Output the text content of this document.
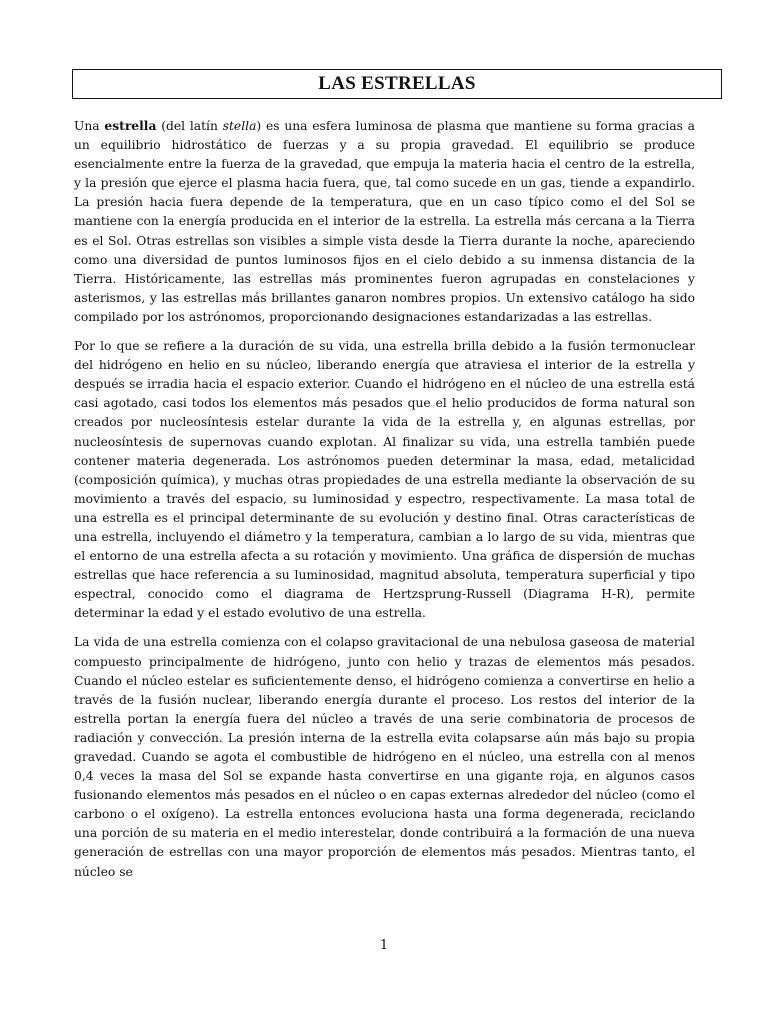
LAS ESTRELLAS

Una estrella (del latín stella) es una esfera luminosa de plasma que mantiene su forma gracias a un equilibrio hidrostático de fuerzas y a su propia gravedad. El equilibrio se produce esencialmente entre la fuerza de la gravedad, que empuja la materia hacia el centro de la estrella, y la presión que ejerce el plasma hacia fuera, que, tal como sucede en un gas, tiende a expandirlo. La presión hacia fuera depende de la temperatura, que en un caso típico como el del Sol se mantiene con la energía producida en el interior de la estrella. La estrella más cercana a la Tierra es el Sol. Otras estrellas son visibles a simple vista desde la Tierra durante la noche, apareciendo como una diversidad de puntos luminosos fijos en el cielo debido a su inmensa distancia de la Tierra. Históricamente, las estrellas más prominentes fueron agrupadas en constelaciones y asterismos, y las estrellas más brillantes ganaron nombres propios. Un extensivo catálogo ha sido compilado por los astrónomos, proporcionando designaciones estandarizadas a las estrellas.

Por lo que se refiere a la duración de su vida, una estrella brilla debido a la fusión termonuclear del hidrógeno en helio en su núcleo, liberando energía que atraviesa el interior de la estrella y después se irradia hacia el espacio exterior. Cuando el hidrógeno en el núcleo de una estrella está casi agotado, casi todos los elementos más pesados que el helio producidos de forma natural son creados por nucleosíntesis estelar durante la vida de la estrella y, en algunas estrellas, por nucleosíntesis de supernovas cuando explotan. Al finalizar su vida, una estrella también puede contener materia degenerada. Los astrónomos pueden determinar la masa, edad, metalicidad (composición química), y muchas otras propiedades de una estrella mediante la observación de su movimiento a través del espacio, su luminosidad y espectro, respectivamente. La masa total de una estrella es el principal determinante de su evolución y destino final. Otras características de una estrella, incluyendo el diámetro y la temperatura, cambian a lo largo de su vida, mientras que el entorno de una estrella afecta a su rotación y movimiento. Una gráfica de dispersión de muchas estrellas que hace referencia a su luminosidad, magnitud absoluta, temperatura superficial y tipo espectral, conocido como el diagrama de Hertzsprung-Russell (Diagrama H-R), permite determinar la edad y el estado evolutivo de una estrella.

La vida de una estrella comienza con el colapso gravitacional de una nebulosa gaseosa de material compuesto principalmente de hidrógeno, junto con helio y trazas de elementos más pesados. Cuando el núcleo estelar es suficientemente denso, el hidrógeno comienza a convertirse en helio a través de la fusión nuclear, liberando energía durante el proceso. Los restos del interior de la estrella portan la energía fuera del núcleo a través de una serie combinatoria de procesos de radiación y convección. La presión interna de la estrella evita colapsarse aún más bajo su propia gravedad. Cuando se agota el combustible de hidrógeno en el núcleo, una estrella con al menos 0,4 veces la masa del Sol se expande hasta convertirse en una gigante roja, en algunos casos fusionando elementos más pesados en el núcleo o en capas externas alrededor del núcleo (como el carbono o el oxígeno). La estrella entonces evoluciona hasta una forma degenerada, reciclando una porción de su materia en el medio interestelar, donde contribuirá a la formación de una nueva generación de estrellas con una mayor proporción de elementos más pesados. Mientras tanto, el núcleo se

1
